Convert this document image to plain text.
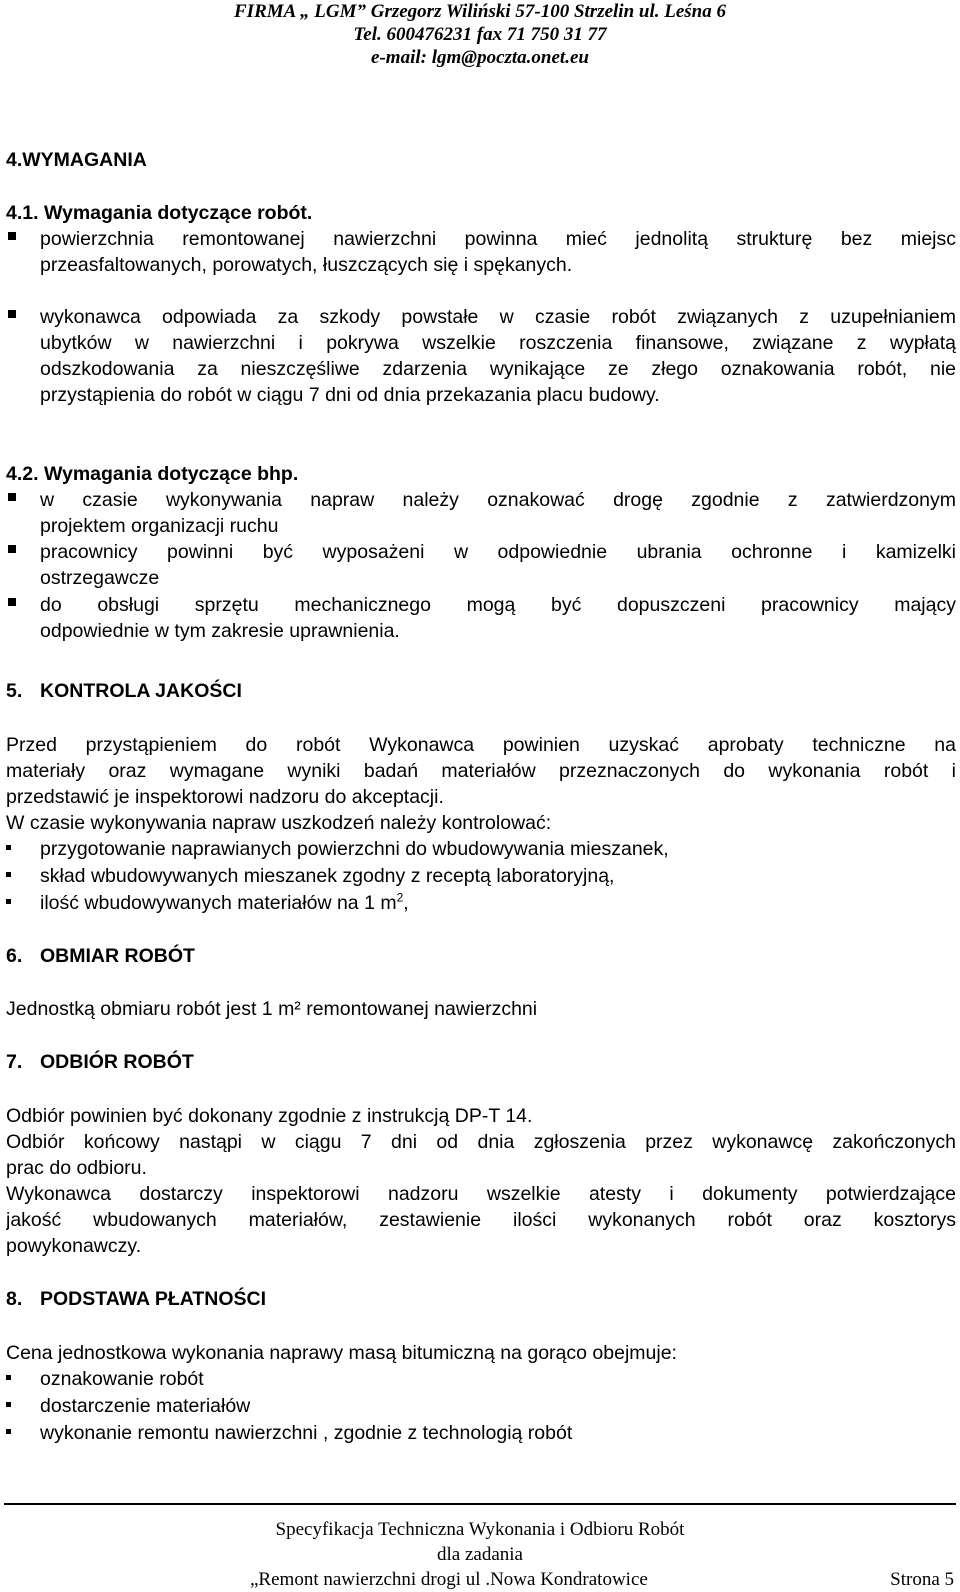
FIRMA „ LGM” Grzegorz Wiliński 57-100 Strzelin ul. Leśna 6
Tel. 600476231 fax 71 750 31 77
e-mail: lgm@poczta.onet.eu
4.WYMAGANIA
4.1. Wymagania dotyczące robót.
powierzchnia remontowanej nawierzchni powinna mieć jednolitą strukturę bez miejsc
przeasfaltowanych, porowatych, łuszczących się i spękanych.
wykonawca odpowiada za szkody powstałe w czasie robót związanych z uzupełnianiem
ubytków w nawierzchni i pokrywa wszelkie roszczenia finansowe, związane z wypłatą
odszkodowania za nieszczęśliwe zdarzenia wynikające ze złego oznakowania robót, nie
przystąpienia do robót w ciągu 7 dni od dnia przekazania placu budowy.
4.2. Wymagania dotyczące bhp.
w czasie wykonywania napraw należy oznakować drogę zgodnie z zatwierdzonym
projektem organizacji ruchu
pracownicy powinni być wyposażeni w odpowiednie ubrania ochronne i kamizelki
ostrzegawcze
do obsługi sprzętu mechanicznego mogą być dopuszczeni pracownicy mający
odpowiednie w tym zakresie uprawnienia.
5. KONTROLA JAKOŚCI
Przed przystąpieniem do robót Wykonawca powinien uzyskać aprobaty techniczne na
materiały oraz wymagane wyniki badań materiałów przeznaczonych do wykonania robót i
przedstawić je inspektorowi nadzoru do akceptacji.
W czasie wykonywania napraw uszkodzeń należy kontrolować:
przygotowanie naprawianych powierzchni do wbudowywania mieszanek,
skład wbudowywanych mieszanek zgodny z receptą laboratoryjną,
ilość wbudowywanych materiałów na 1 $m^2$,
6. OBMIAR ROBÓT
Jednostką obmiaru robót jest 1 m² remontowanej nawierzchni
7. ODBIÓR ROBÓT
Odbiór powinien być dokonany zgodnie z instrukcją DP-T 14.
Odbiór końcowy nastąpi w ciągu 7 dni od dnia zgłoszenia przez wykonawcę zakończonych
prac do odbioru.
Wykonawca dostarczy inspektorowi nadzoru wszelkie atesty i dokumenty potwierdzające
jakość wbudowanych materiałów, zestawienie ilości wykonanych robót oraz kosztorys
powykonawczy.
8. PODSTAWA PŁATNOŚCI
Cena jednostkowa wykonania naprawy masą bitumiczną na gorąco obejmuje:
oznakowanie robót
dostarczenie materiałów
wykonanie remontu nawierzchni , zgodnie z technologią robót
Specyfikacja Techniczna Wykonania i Odbioru Robót
dla zadania
„Remont nawierzchni drogi ul .Nowa Kondratowice	Strona 5
